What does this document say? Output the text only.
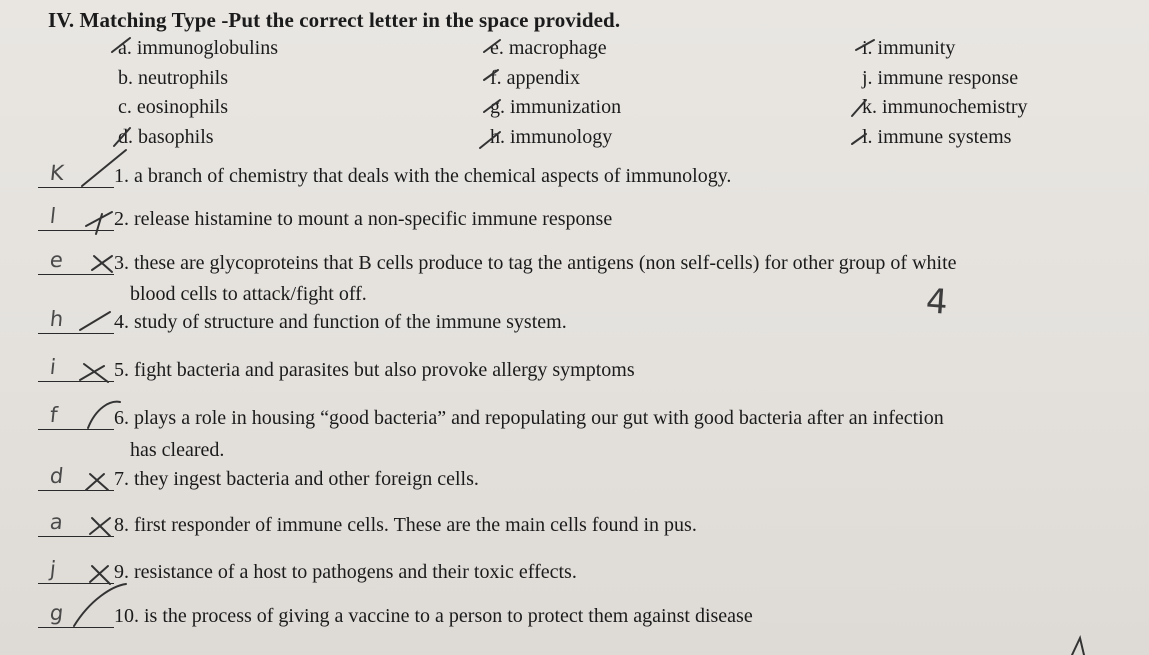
IV. Matching Type -Put the correct letter in the space provided.
a. immunoglobulins
b. neutrophils
c. eosinophils
d. basophils
e. macrophage
f. appendix
g. immunization
h. immunology
i. immunity
j. immune response
k. immunochemistry
l. immune systems
K 1. a branch of chemistry that deals with the chemical aspects of immunology.
l	2. release histamine to mount a non-specific immune response
e 3. these are glycoproteins that B cells produce to tag the antigens (non self-cells) for other group of white
blood cells to attack/fight off.
h 4. study of structure and function of the immune system.
i	5. fight bacteria and parasites but also provoke allergy symptoms
f	6. plays a role in housing “good bacteria” and repopulating our gut with good bacteria after an infection
has cleared.
d 7. they ingest bacteria and other foreign cells.
a 8. first responder of immune cells. These are the main cells found in pus.
j	9. resistance of a host to pathogens and their toxic effects.
g 10. is the process of giving a vaccine to a person to protect them against disease
4
